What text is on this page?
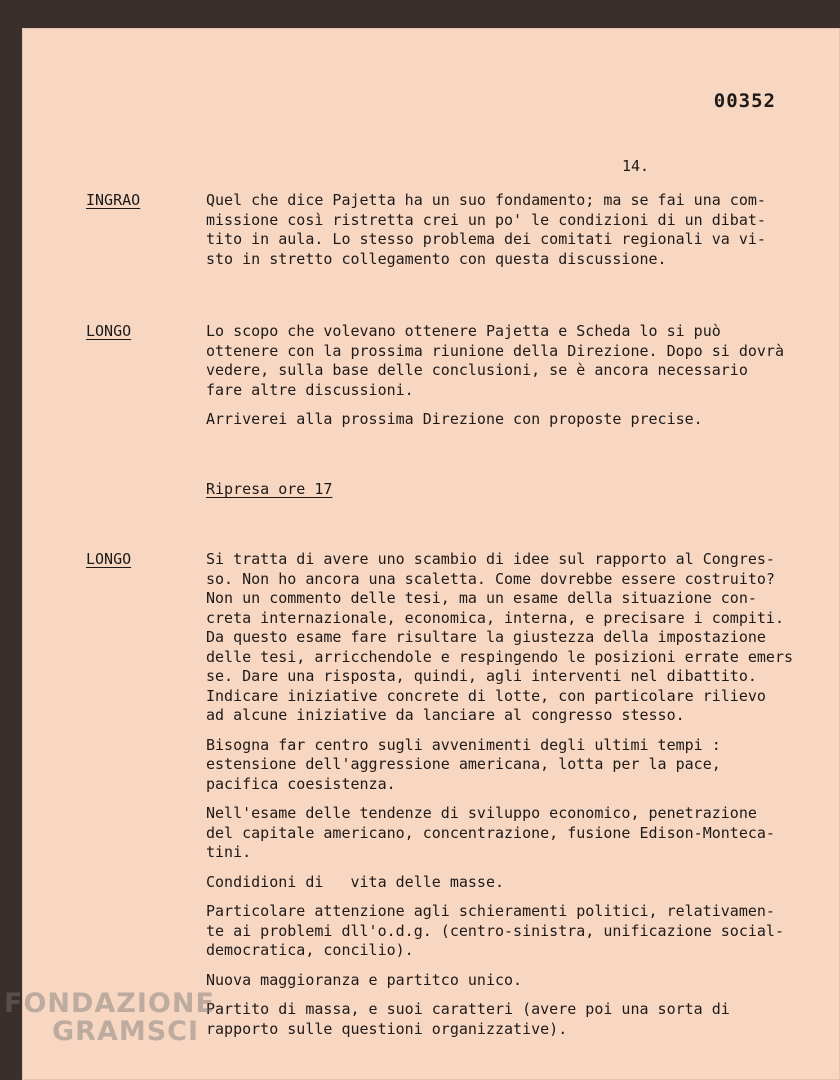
00352
14.
INGRAO	Quel che dice Pajetta ha un suo fondamento; ma se fai una com-
missione così ristretta crei un po' le condizioni di un dibat-
tito in aula. Lo stesso problema dei comitati regionali va vi-
sto in stretto collegamento con questa discussione.
LONGO	Lo scopo che volevano ottenere Pajetta e Scheda lo si può
ottenere con la prossima riunione della Direzione. Dopo si dovrà
vedere, sulla base delle conclusioni, se è ancora necessario
fare altre discussioni.
Arriverei alla prossima Direzione con proposte precise.
Ripresa ore 17
LONGO	Si tratta di avere uno scambio di idee sul rapporto al Congres-
so. Non ho ancora una scaletta. Come dovrebbe essere costruito?
Non un commento delle tesi, ma un esame della situazione con-
creta internazionale, economica, interna, e precisare i compiti.
Da questo esame fare risultare la giustezza della impostazione
delle tesi, arricchendole e respingendo le posizioni errate emers
se. Dare una risposta, quindi, agli interventi nel dibattito.
Indicare iniziative concrete di lotte, con particolare rilievo
ad alcune iniziative da lanciare al congresso stesso.
Bisogna far centro sugli avvenimenti degli ultimi tempi :
estensione dell'aggressione americana, lotta per la pace,
pacifica coesistenza.
Nell'esame delle tendenze di sviluppo economico, penetrazione
del capitale americano, concentrazione, fusione Edison-Monteca-
tini.
Condidioni di   vita delle masse.
Particolare attenzione agli schieramenti politici, relativamen-
te ai problemi dll'o.d.g. (centro-sinistra, unificazione social-
democratica, concilio).
Nuova maggioranza e partitco unico.
Partito di massa, e suoi caratteri (avere poi una sorta di
rapporto sulle questioni organizzative).
FONDAZIONE
GRAMSCI
